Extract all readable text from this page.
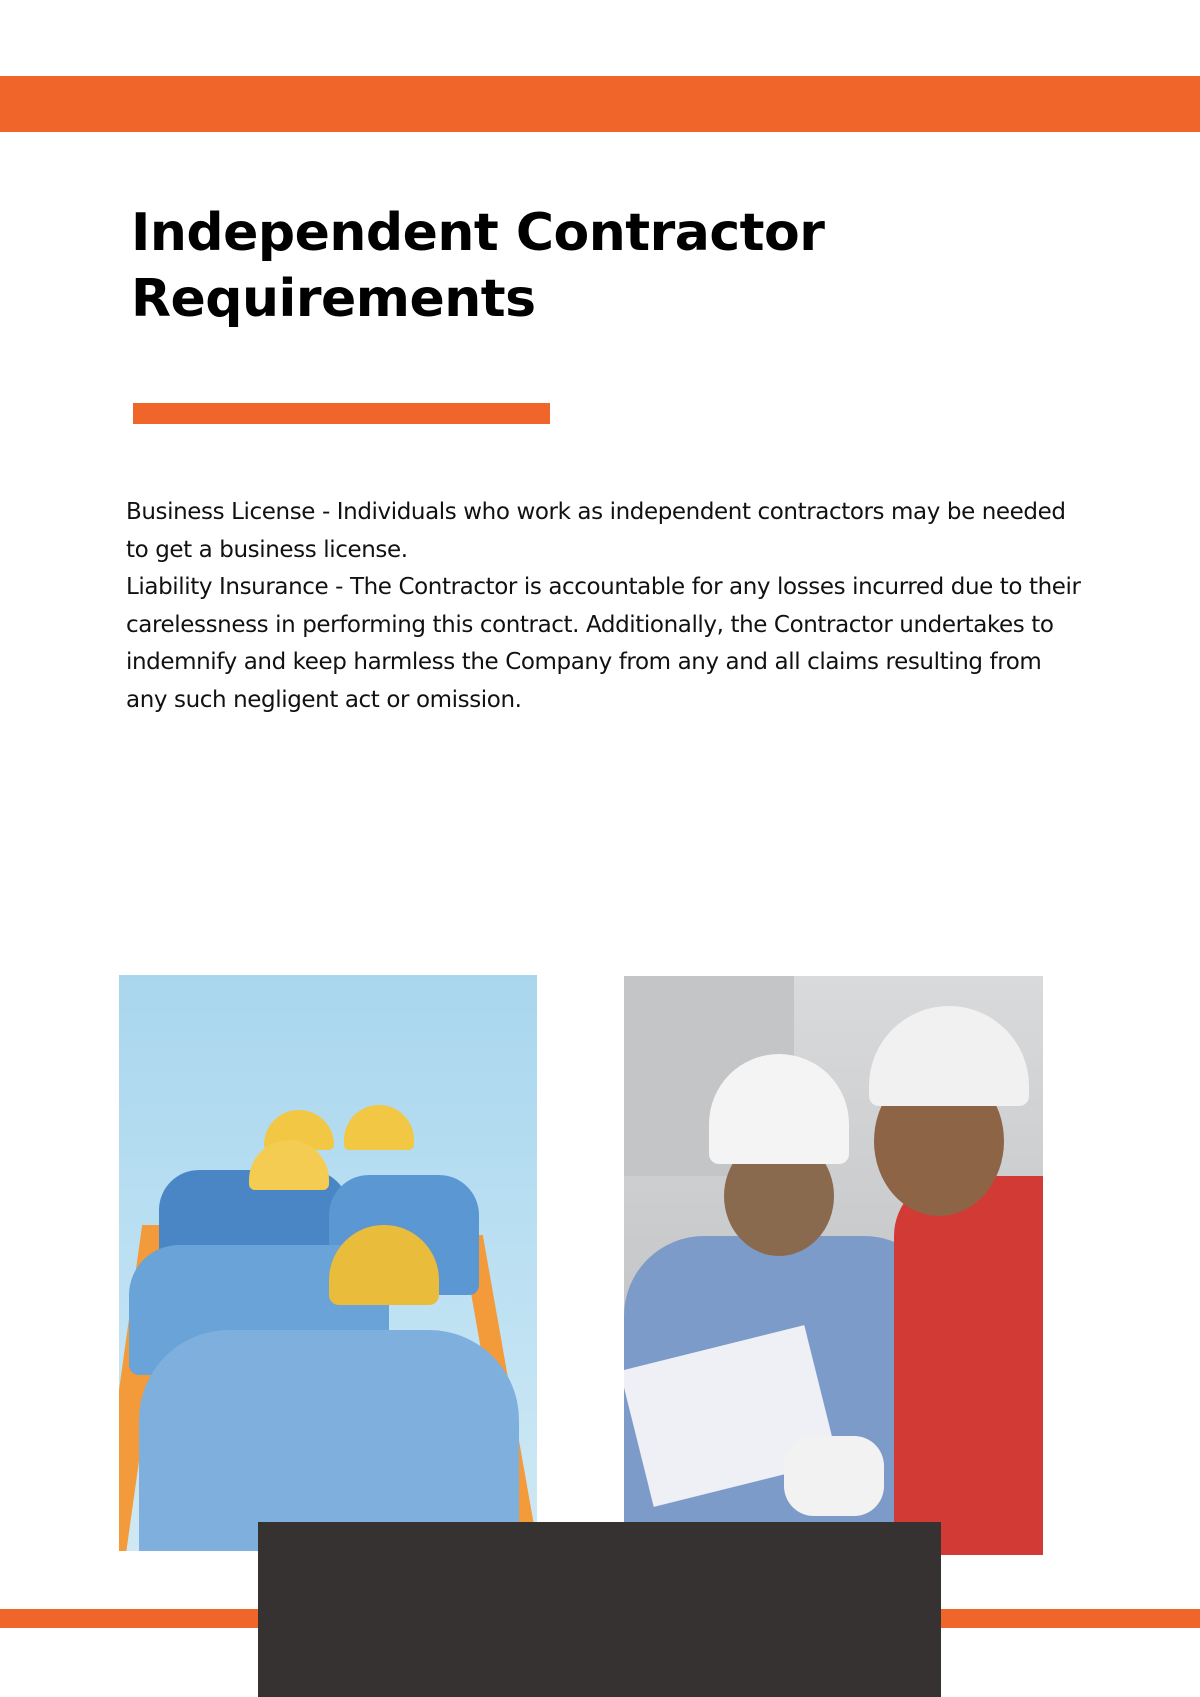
Independent Contractor
Requirements

Business License - Individuals who work as independent contractors may be needed to get a business license.

Liability Insurance - The Contractor is accountable for any losses incurred due to their carelessness in performing this contract. Additionally, the Contractor undertakes to indemnify and keep harmless the Company from any and all claims resulting from any such negligent act or omission.
